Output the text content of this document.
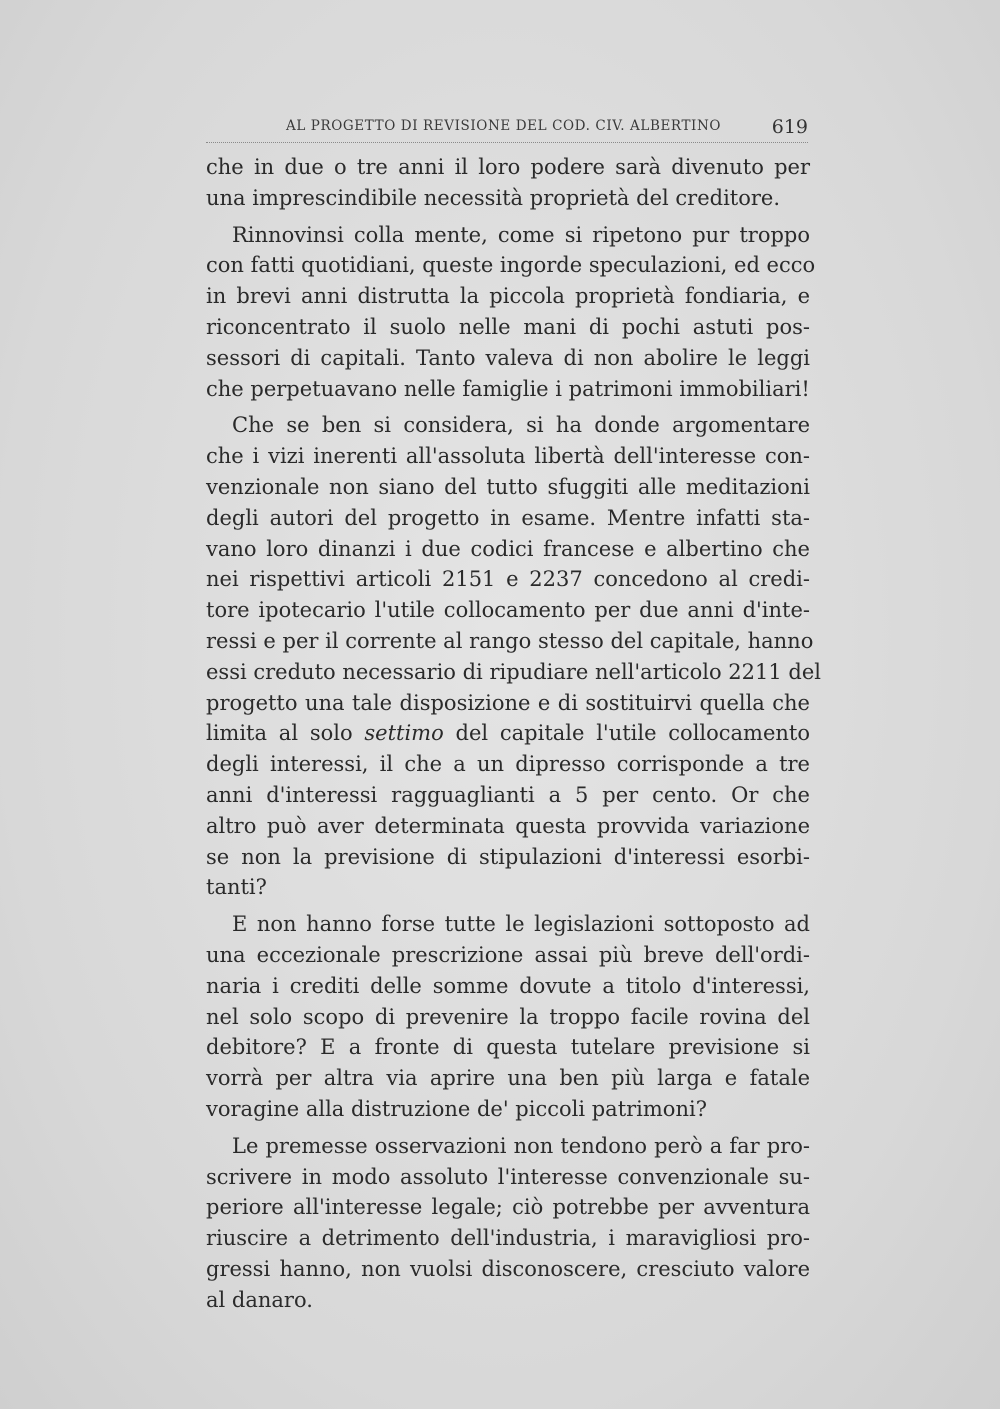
AL PROGETTO DI REVISIONE DEL COD. CIV. ALBERTINO	619
che in due o tre anni il loro podere sarà divenuto per
una imprescindibile necessità proprietà del creditore.
Rinnovinsi colla mente, come si ripetono pur troppo
con fatti quotidiani, queste ingorde speculazioni, ed ecco
in brevi anni distrutta la piccola proprietà fondiaria, e
riconcentrato il suolo nelle mani di pochi astuti pos-
sessori di capitali. Tanto valeva di non abolire le leggi
che perpetuavano nelle famiglie i patrimoni immobiliari!
Che se ben si considera, si ha donde argomentare
che i vizi inerenti all'assoluta libertà dell'interesse con-
venzionale non siano del tutto sfuggiti alle meditazioni
degli autori del progetto in esame. Mentre infatti sta-
vano loro dinanzi i due codici francese e albertino che
nei rispettivi articoli 2151 e 2237 concedono al credi-
tore ipotecario l'utile collocamento per due anni d'inte-
ressi e per il corrente al rango stesso del capitale, hanno
essi creduto necessario di ripudiare nell'articolo 2211 del
progetto una tale disposizione e di sostituirvi quella che
limita al solo settimo del capitale l'utile collocamento
degli interessi, il che a un dipresso corrisponde a tre
anni d'interessi ragguaglianti a 5 per cento. Or che
altro può aver determinata questa provvida variazione
se non la previsione di stipulazioni d'interessi esorbi-
tanti?
E non hanno forse tutte le legislazioni sottoposto ad
una eccezionale prescrizione assai più breve dell'ordi-
naria i crediti delle somme dovute a titolo d'interessi,
nel solo scopo di prevenire la troppo facile rovina del
debitore? E a fronte di questa tutelare previsione si
vorrà per altra via aprire una ben più larga e fatale
voragine alla distruzione de' piccoli patrimoni?
Le premesse osservazioni non tendono però a far pro-
scrivere in modo assoluto l'interesse convenzionale su-
periore all'interesse legale; ciò potrebbe per avventura
riuscire a detrimento dell'industria, i maravigliosi pro-
gressi hanno, non vuolsi disconoscere, cresciuto valore
al danaro.
